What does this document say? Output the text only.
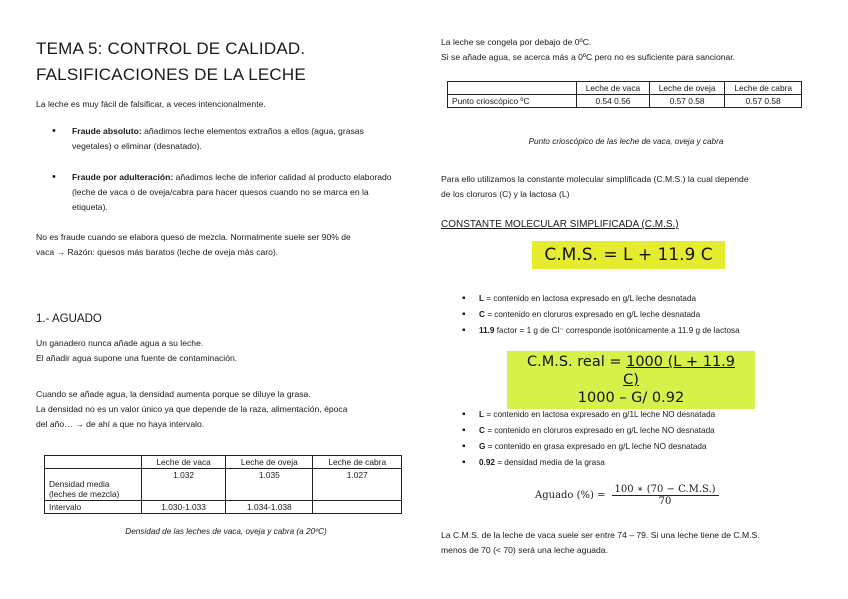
TEMA 5: CONTROL DE CALIDAD.
FALSIFICACIONES DE LA LECHE
La leche es muy fácil de falsificar, a veces intencionalmente.
• Fraude absoluto: añadimos leche elementos extraños a ellos (agua, grasas vegetales) o eliminar (desnatado).
• Fraude por adulteración: añadimos leche de inferior calidad al producto elaborado (leche de vaca o de oveja/cabra para hacer quesos cuando no se marca en la etiqueta).
No es fraude cuando se elabora queso de mezcla. Normalmente suele ser 90% de
vaca → Razón: quesos más baratos (leche de oveja más caro).
1.- AGUADO
Un ganadero nunca añade agua a su leche.
El añadir agua supone una fuente de contaminación.
Cuando se añade agua, la densidad aumenta porque se diluye la grasa.
La densidad no es un valor único ya que depende de la raza, alimentación, época
del año… → de ahí a que no haya intervalo.
	Leche de vaca	Leche de oveja	Leche de cabra
Densidad media (leches de mezcla)	1.032	1.035	1.027
Intervalo	1.030-1.033	1.034-1.038	
Densidad de las leches de vaca, oveja y cabra (a 20ºC)
La leche se congela por debajo de 0ºC.
Si se añade agua, se acerca más a 0ºC pero no es suficiente para sancionar.
	Leche de vaca	Leche de oveja	Leche de cabra
Punto crioscópico ºC	0.54 0.56	0.57 0.58	0.57 0.58
Punto crioscópico de las leche de vaca, oveja y cabra
Para ello utilizamos la constante molecular simplificada (C.M.S.) la cual depende
de los cloruros (C) y la lactosa (L)
CONSTANTE MOLECULAR SIMPLIFICADA (C.M.S.)
C.M.S. = L + 11.9 C
▪ L = contenido en lactosa expresado en g/L leche desnatada
▪ C = contenido en cloruros expresado en g/L leche desnatada
▪ 11.9 factor = 1 g de Cl⁻ corresponde isotónicamente a 11.9 g de lactosa
C.M.S. real = 1000 (L + 11.9 C)
1000 – G/ 0.92
▪ L = contenido en lactosa expresado en g/1L leche NO desnatada
▪ C = contenido en cloruros expresado en g/L leche NO desnatada
▪ G = contenido en grasa expresado en g/L leche NO desnatada
▪ 0.92 = densidad media de la grasa
Aguado (%) = $\frac{100 ∗ (70 - C.M.S.)}{70}$
La C.M.S. de la leche de vaca suele ser entre 74 – 79. Si una leche tiene de C.M.S.
menos de 70 (< 70) será una leche aguada.
